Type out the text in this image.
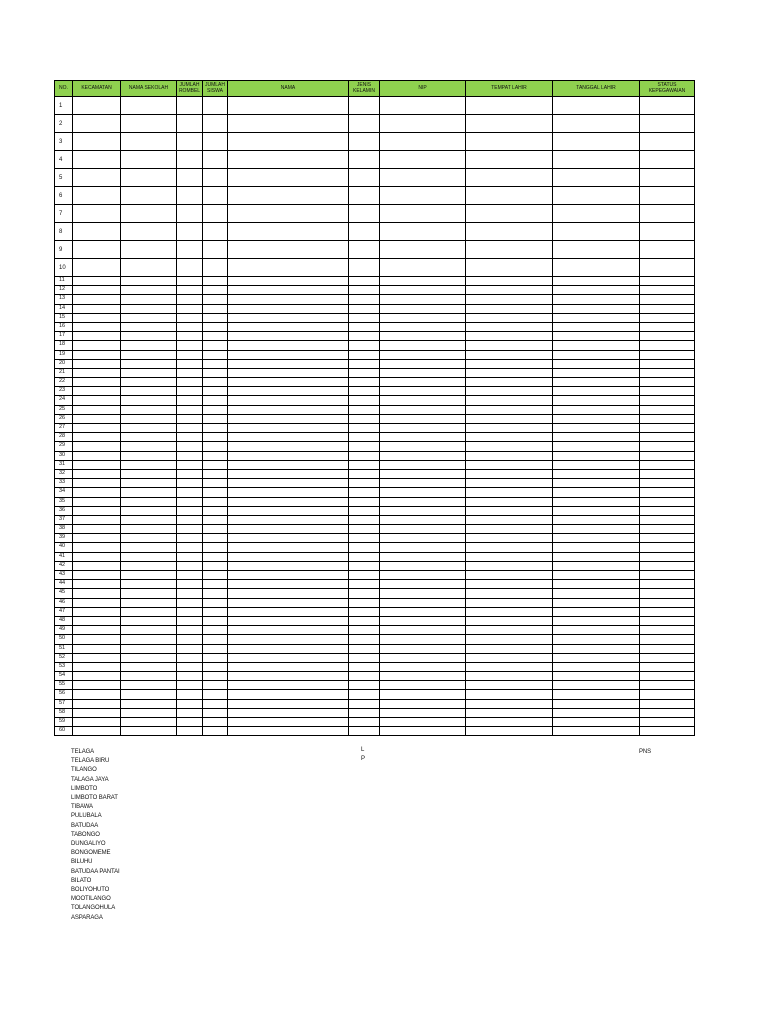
NO.	KECAMATAN	NAMA SEKOLAH	JUMLAH ROMBEL	JUMLAH SISWA	NAMA	JENIS KELAMIN	NIP	TEMPAT LAHIR	TANGGAL LAHIR	STATUS KEPEGAWAIAN
1										
2										
3										
4										
5										
6										
7										
8										
9										
10										
11										
12										
13										
14										
15										
16										
17										
18										
19										
20										
21										
22										
23										
24										
25										
26										
27										
28										
29										
30										
31										
32										
33										
34										
35										
36										
37										
38										
39										
40										
41										
42										
43										
44										
45										
46										
47										
48										
49										
50										
51										
52										
53										
54										
55										
56										
57										
58										
59										
60										
TELAGA
TELAGA BIRU
TILANGO
TALAGA JAYA
LIMBOTO
LIMBOTO BARAT
TIBAWA
PULUBALA
BATUDAA
TABONGO
DUNGALIYO
BONGOMEME
BILUHU
BATUDAA PANTAI
BILATO
BOLIYOHUTO
MOOTILANGO
TOLANGOHULA
ASPARAGA
L
P
PNS
